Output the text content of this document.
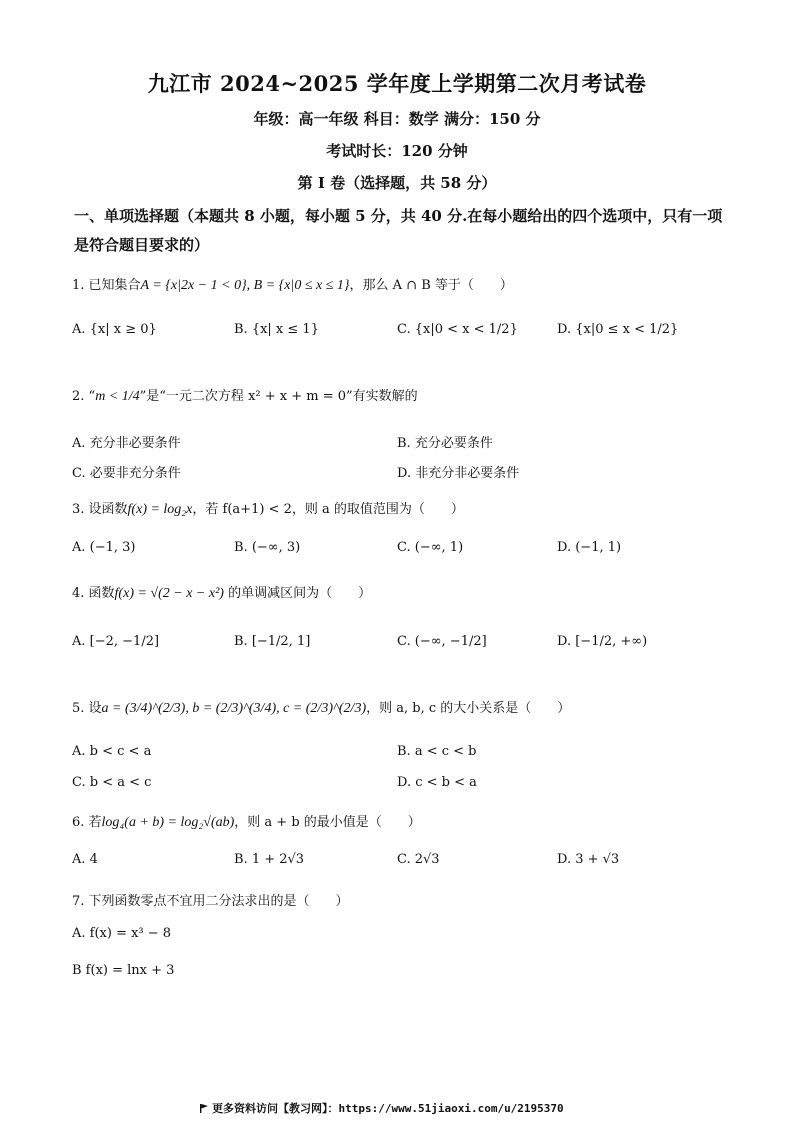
九江市 2024~2025 学年度上学期第二次月考试卷
年级：高一年级 科目：数学 满分：150 分
考试时长：120 分钟
第 I 卷（选择题，共 58 分）
一、单项选择题（本题共 8 小题，每小题 5 分，共 40 分.在每小题给出的四个选项中，只有一项是符合题目要求的）
1. 已知集合A = {x|2x − 1 < 0}, B = {x|0 ≤ x ≤ 1}，那么 A ∩ B 等于（　　）
A. {x| x ≥ 0}	B. {x| x ≤ 1}	C. {x|0 < x < 1/2}	D. {x|0 ≤ x < 1/2}
2. “m < 1/4”是“一元二次方程 x² + x + m = 0”有实数解的
A. 充分非必要条件	B. 充分必要条件
C. 必要非充分条件	D. 非充分非必要条件
3. 设函数f(x) = log₂x，若 f(a+1) < 2，则 a 的取值范围为（　　）
A. (−1, 3)	B. (−∞, 3)	C. (−∞, 1)	D. (−1, 1)
4. 函数f(x) = √(2 − x − x²) 的单调减区间为（　　）
A. [−2, −1/2]	B. [−1/2, 1]	C. (−∞, −1/2]	D. [−1/2, +∞)
5. 设a = (3/4)^(2/3), b = (2/3)^(3/4), c = (2/3)^(2/3)，则 a, b, c 的大小关系是（　　）
A. b < c < a	B. a < c < b
C. b < a < c	D. c < b < a
6. 若log₄(a + b) = log₂√(ab)，则 a + b 的最小值是（　　）
A. 4	B. 1 + 2√3	C. 2√3	D. 3 + √3
7. 下列函数零点不宜用二分法求出的是（　　）
A. f(x) = x³ − 8
B f(x) = lnx + 3
更多资料访问【教习网】：https://www.51jiaoxi.com/u/2195370
